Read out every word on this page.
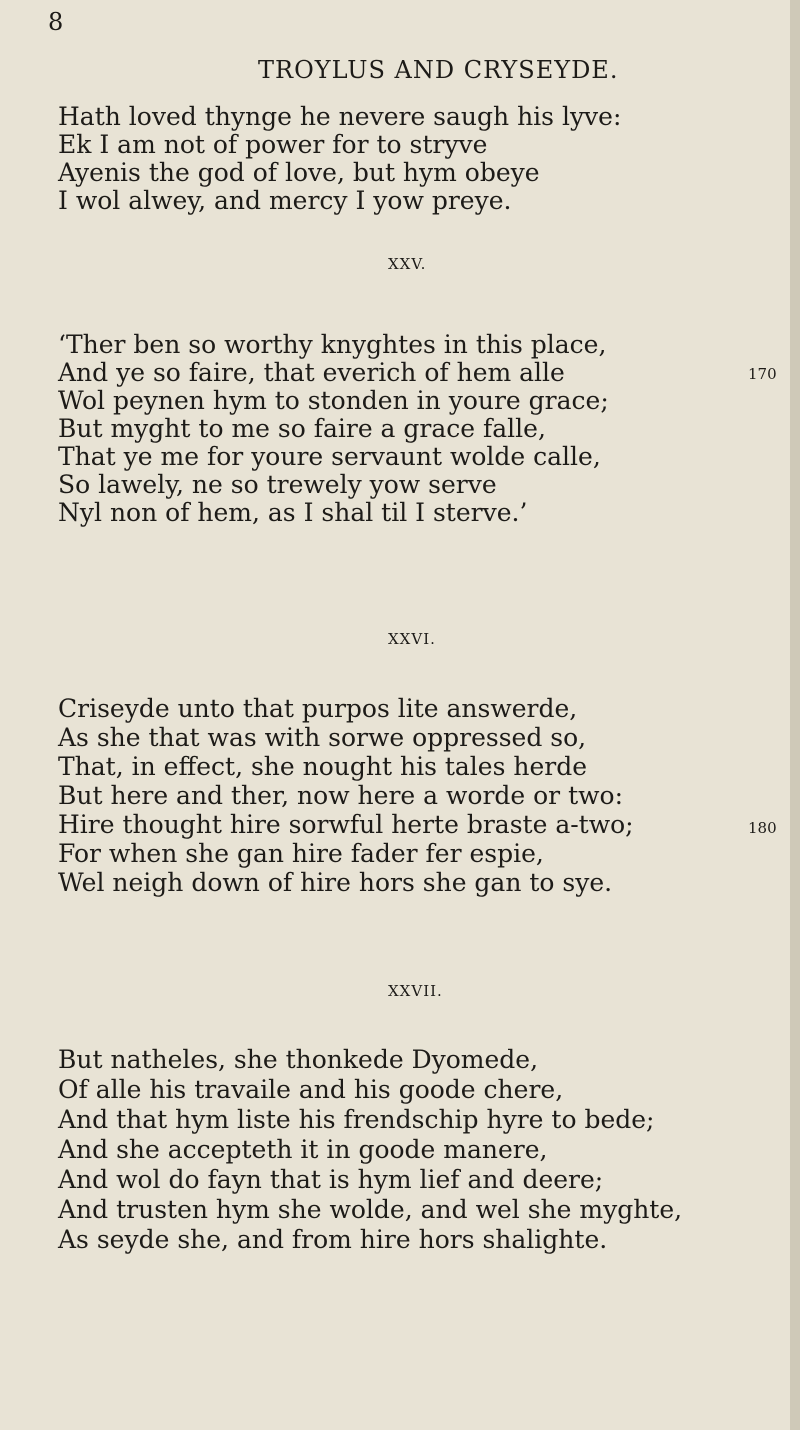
8
TROYLUS AND CRYSEYDE.
Hath loved thynge he nevere saugh his lyve:
Ek I am not of power for to stryve
Ayenis the god of love, but hym obeye
I wol alwey, and mercy I yow preye.
XXV.
‘Ther ben so worthy knyghtes in this place,
And ye so faire, that everich of hem alle
Wol peynen hym to stonden in youre grace;
But myght to me so faire a grace falle,
That ye me for youre servaunt wolde calle,
So lawely, ne so trewely yow serve
Nyl non of hem, as I shal til I sterve.’
170
XXVI.
Criseyde unto that purpos lite answerde,
As she that was with sorwe oppressed so,
That, in effect, she nought his tales herde
But here and ther, now here a worde or two:
Hire thought hire sorwful herte braste a-two;
For when she gan hire fader fer espie,
Wel neigh down of hire hors she gan to sye.
180
XXVII.
But natheles, she thonkede Dyomede,
Of alle his travaile and his goode chere,
And that hym liste his frendschip hyre to bede;
And she accepteth it in goode manere,
And wol do fayn that is hym lief and deere;
And trusten hym she wolde, and wel she myghte,
As seyde she, and from hire hors shalighte.
